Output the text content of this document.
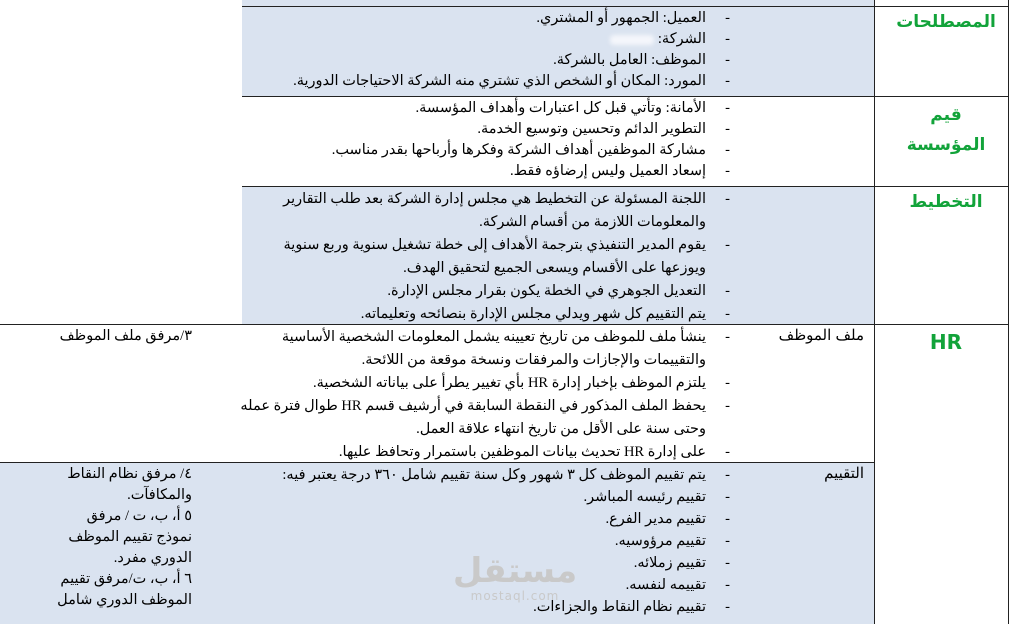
المصطلحات
قيم
المؤسسة
التخطيط
HR
ملف الموظف
التقييم
٣/مرفق ملف الموظف
٤/ مرفق نظام النقاط
والمكافآت.
٥ أ، ب، ت / مرفق
نموذج تقييم الموظف
الدوري مفرد.
٦ أ، ب، ت/مرفق تقييم
الموظف الدوري شامل
-
العميل: الجمهور أو المشتري.
-
الشركة:
-
الموظف: العامل بالشركة.
-
المورد: المكان أو الشخص الذي تشتري منه الشركة الاحتياجات الدورية.
-
الأمانة: وتأتي قبل كل اعتبارات وأهداف المؤسسة.
-
التطوير الدائم وتحسين وتوسيع الخدمة.
-
مشاركة الموظفين أهداف الشركة وفكرها وأرباحها بقدر مناسب.
-
إسعاد العميل وليس إرضاؤه فقط.
-
اللجنة المسئولة عن التخطيط هي مجلس إدارة الشركة بعد طلب التقارير
والمعلومات اللازمة من أقسام الشركة.
-
يقوم المدير التنفيذي بترجمة الأهداف إلى خطة تشغيل سنوية وربع سنوية
ويوزعها على الأقسام ويسعى الجميع لتحقيق الهدف.
-
التعديل الجوهري في الخطة يكون بقرار مجلس الإدارة.
-
يتم التقييم كل شهر ويدلي مجلس الإدارة بنصائحه وتعليماته.
-
ينشأ ملف للموظف من تاريخ تعيينه يشمل المعلومات الشخصية الأساسية
والتقييمات والإجازات والمرفقات ونسخة موقعة من اللائحة.
-
يلتزم الموظف بإخبار إدارة HR بأي تغيير يطرأ على بياناته الشخصية.
-
يحفظ الملف المذكور في النقطة السابقة في أرشيف قسم HR طوال فترة عمله
وحتى سنة على الأقل من تاريخ انتهاء علاقة العمل.
-
على إدارة HR تحديث بيانات الموظفين باستمرار وتحافظ عليها.
-
يتم تقييم الموظف كل ٣ شهور وكل سنة تقييم شامل ٣٦٠ درجة يعتبر فيه:
-
تقييم رئيسه المباشر.
-
تقييم مدير الفرع.
-
تقييم مرؤوسيه.
-
تقييم زملائه.
-
تقييمه لنفسه.
-
تقييم نظام النقاط والجزاءات.
مستقل
mostaql.com
